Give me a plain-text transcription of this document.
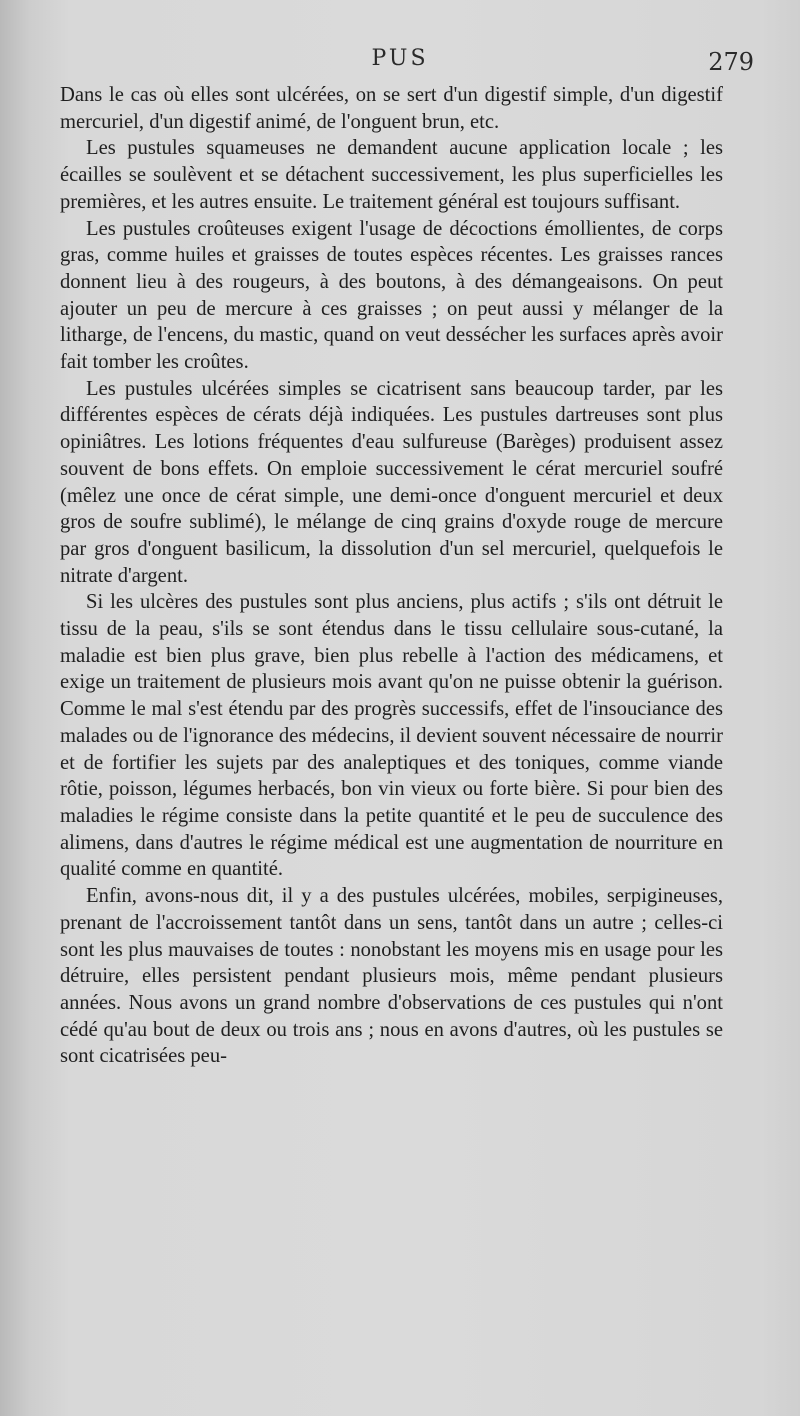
PUS	279

Dans le cas où elles sont ulcérées, on se sert d'un digestif simple, d'un digestif mercuriel, d'un digestif animé, de l'onguent brun, etc.

Les pustules squameuses ne demandent aucune application locale ; les écailles se soulèvent et se détachent successivement, les plus superficielles les premières, et les autres ensuite. Le traitement général est toujours suffisant.

Les pustules croûteuses exigent l'usage de décoctions émollientes, de corps gras, comme huiles et graisses de toutes espèces récentes. Les graisses rances donnent lieu à des rougeurs, à des boutons, à des démangeaisons. On peut ajouter un peu de mercure à ces graisses ; on peut aussi y mélanger de la litharge, de l'encens, du mastic, quand on veut dessécher les surfaces après avoir fait tomber les croûtes.

Les pustules ulcérées simples se cicatrisent sans beaucoup tarder, par les différentes espèces de cérats déjà indiquées. Les pustules dartreuses sont plus opiniâtres. Les lotions fréquentes d'eau sulfureuse (Barèges) produisent assez souvent de bons effets. On emploie successivement le cérat mercuriel soufré (mêlez une once de cérat simple, une demi-once d'onguent mercuriel et deux gros de soufre sublimé), le mélange de cinq grains d'oxyde rouge de mercure par gros d'onguent basilicum, la dissolution d'un sel mercuriel, quelquefois le nitrate d'argent.

Si les ulcères des pustules sont plus anciens, plus actifs ; s'ils ont détruit le tissu de la peau, s'ils se sont étendus dans le tissu cellulaire sous-cutané, la maladie est bien plus grave, bien plus rebelle à l'action des médicamens, et exige un traitement de plusieurs mois avant qu'on ne puisse obtenir la guérison. Comme le mal s'est étendu par des progrès successifs, effet de l'insouciance des malades ou de l'ignorance des médecins, il devient souvent nécessaire de nourrir et de fortifier les sujets par des analeptiques et des toniques, comme viande rôtie, poisson, légumes herbacés, bon vin vieux ou forte bière. Si pour bien des maladies le régime consiste dans la petite quantité et le peu de succulence des alimens, dans d'autres le régime médical est une augmentation de nourriture en qualité comme en quantité.

Enfin, avons-nous dit, il y a des pustules ulcérées, mobiles, serpigineuses, prenant de l'accroissement tantôt dans un sens, tantôt dans un autre ; celles-ci sont les plus mauvaises de toutes : nonobstant les moyens mis en usage pour les détruire, elles persistent pendant plusieurs mois, même pendant plusieurs années. Nous avons un grand nombre d'observations de ces pustules qui n'ont cédé qu'au bout de deux ou trois ans ; nous en avons d'autres, où les pustules se sont cicatrisées peu-
